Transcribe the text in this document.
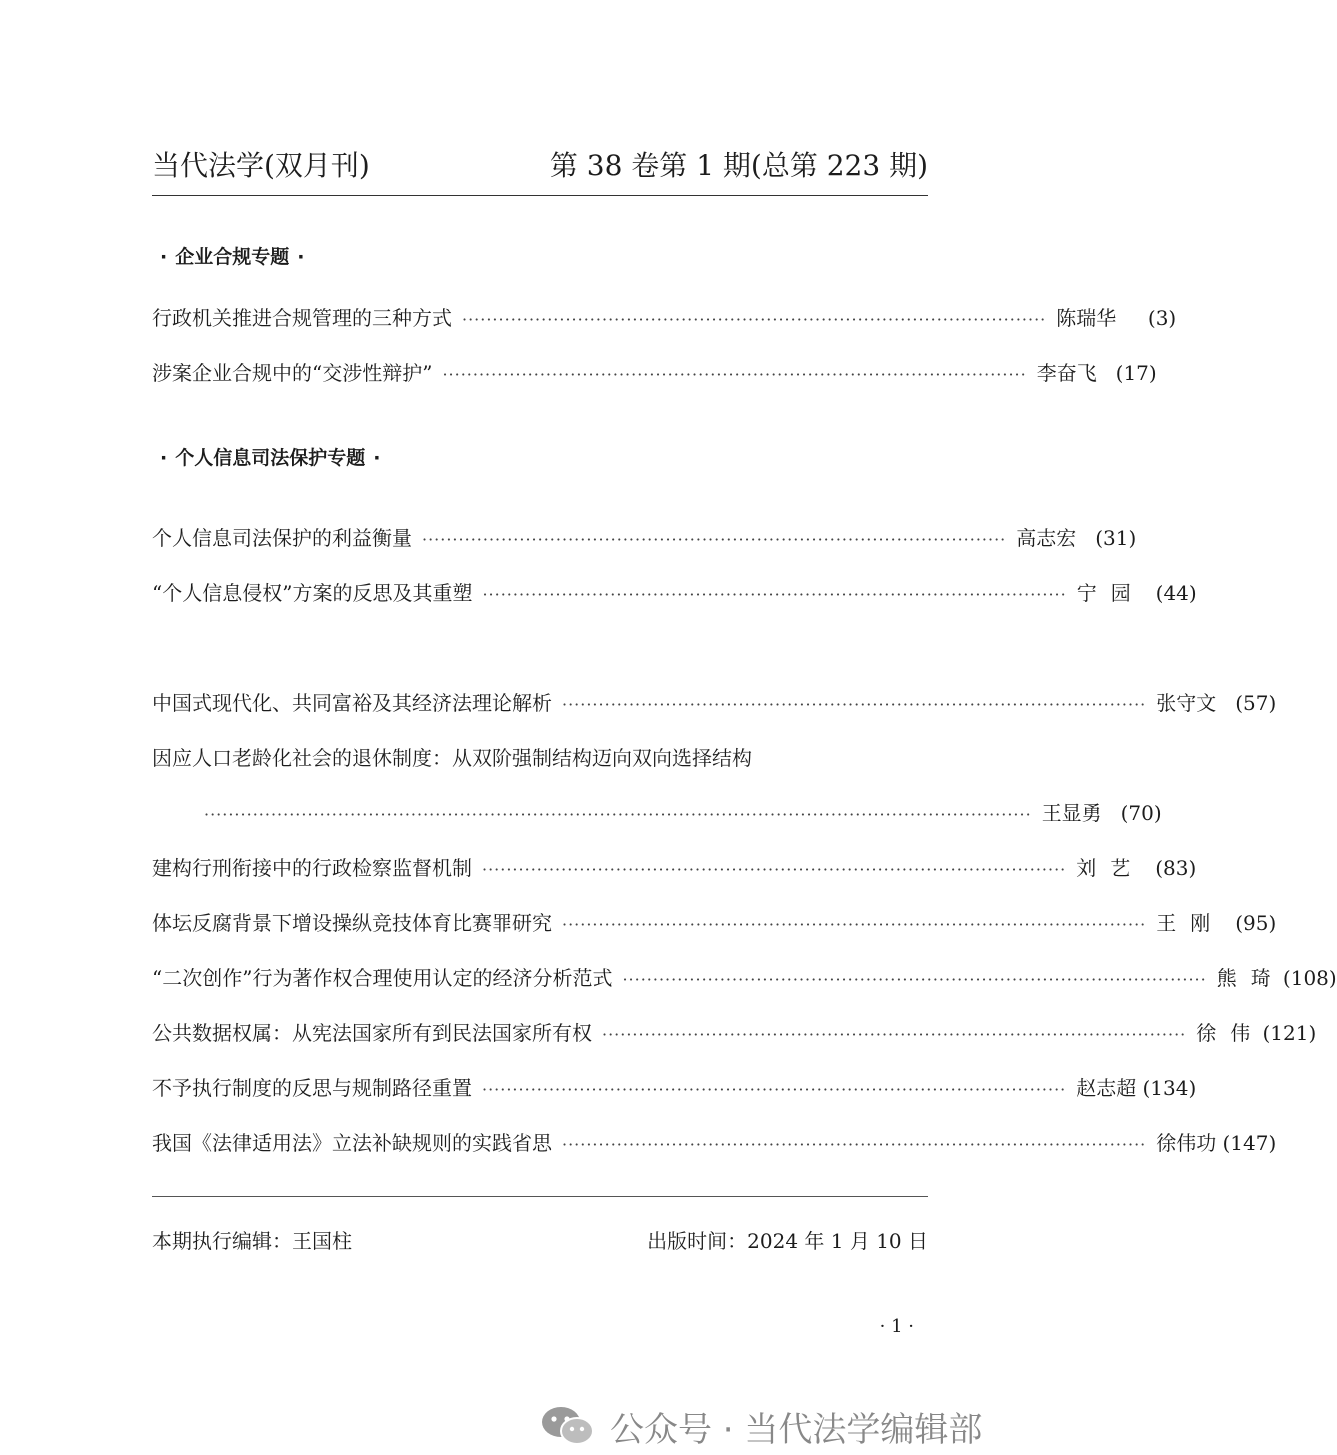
当代法学(双月刊)	第 38 卷第 1 期(总第 223 期)
· 企业合规专题 ·
行政机关推进合规管理的三种方式 ································································································ 陈瑞华	(3)
涉案企业合规中的“交涉性辩护” ································································································ 李奋飞 (17)
· 个人信息司法保护专题 ·
个人信息司法保护的利益衡量 ································································································ 高志宏 (31)
“个人信息侵权”方案的反思及其重塑 ································································································ 宁园	(44)
中国式现代化、共同富裕及其经济法理论解析 ································································································ 张守文 (57)
因应人口老龄化社会的退休制度：从双阶强制结构迈向双向选择结构
········································································································································ 王显勇 (70)
建构行刑衔接中的行政检察监督机制 ································································································ 刘艺	(83)
体坛反腐背景下增设操纵竞技体育比赛罪研究 ································································································ 王刚	(95)
“二次创作”行为著作权合理使用认定的经济分析范式 ································································································ 熊琦 (108)
公共数据权属：从宪法国家所有到民法国家所有权 ································································································ 徐伟 (121)
不予执行制度的反思与规制路径重置 ································································································ 赵志超 (134)
我国《法律适用法》立法补缺规则的实践省思 ································································································ 徐伟功 (147)
本期执行编辑：王国柱	出版时间：2024 年 1 月 10 日
· 1 ·
公众号 · 当代法学编辑部
